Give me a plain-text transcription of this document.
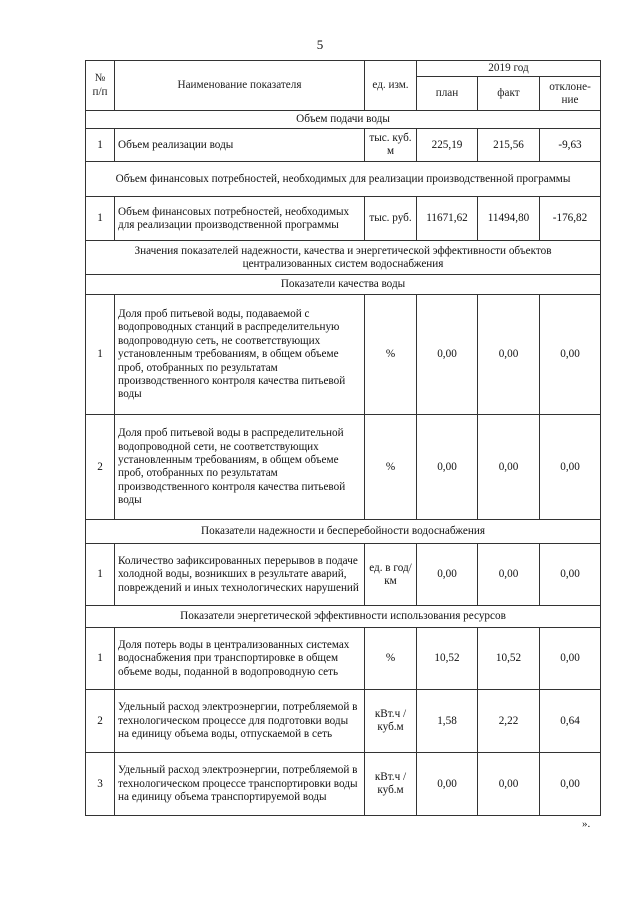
5
№ п/п	Наименование показателя	ед. изм.	2019 год		
			план	факт	отклоне-ние
Объем подачи воды					
1	Объем реализации воды	тыс. куб. м	225,19	215,56	-9,63
Объем финансовых потребностей, необходимых для реализации производственной программы					
1	Объем финансовых потребностей, необходимых для реализации производственной программы	тыс. руб.	11671,62	11494,80	-176,82
Значения показателей надежности, качества и энергетической эффективности объектов централизованных систем водоснабжения					
Показатели качества воды					
1	Доля проб питьевой воды, подаваемой с водопроводных станций в распределительную водопроводную сеть, не соответствующих установленным требованиям, в общем объеме проб, отобранных по результатам производственного контроля качества питьевой воды	%	0,00	0,00	0,00
2	Доля проб питьевой воды в распределительной водопроводной сети, не соответствующих установленным требованиям, в общем объеме проб, отобранных по результатам производственного контроля качества питьевой воды	%	0,00	0,00	0,00
Показатели надежности и бесперебойности водоснабжения					
1	Количество зафиксированных перерывов в подаче холодной воды, возникших в результате аварий, повреждений и иных технологических нарушений	ед. в год/ км	0,00	0,00	0,00
Показатели энергетической эффективности использования ресурсов					
1	Доля потерь воды в централизованных системах водоснабжения при транспортировке в общем объеме воды, поданной в водопроводную сеть	%	10,52	10,52	0,00
2	Удельный расход электроэнергии, потребляемой в технологическом процессе для подготовки воды на единицу объема воды, отпускаемой в сеть	кВт.ч / куб.м	1,58	2,22	0,64
3	Удельный расход электроэнергии, потребляемой в технологическом процессе транспортировки воды на единицу объема транспортируемой воды	кВт.ч / куб.м	0,00	0,00	0,00
».
